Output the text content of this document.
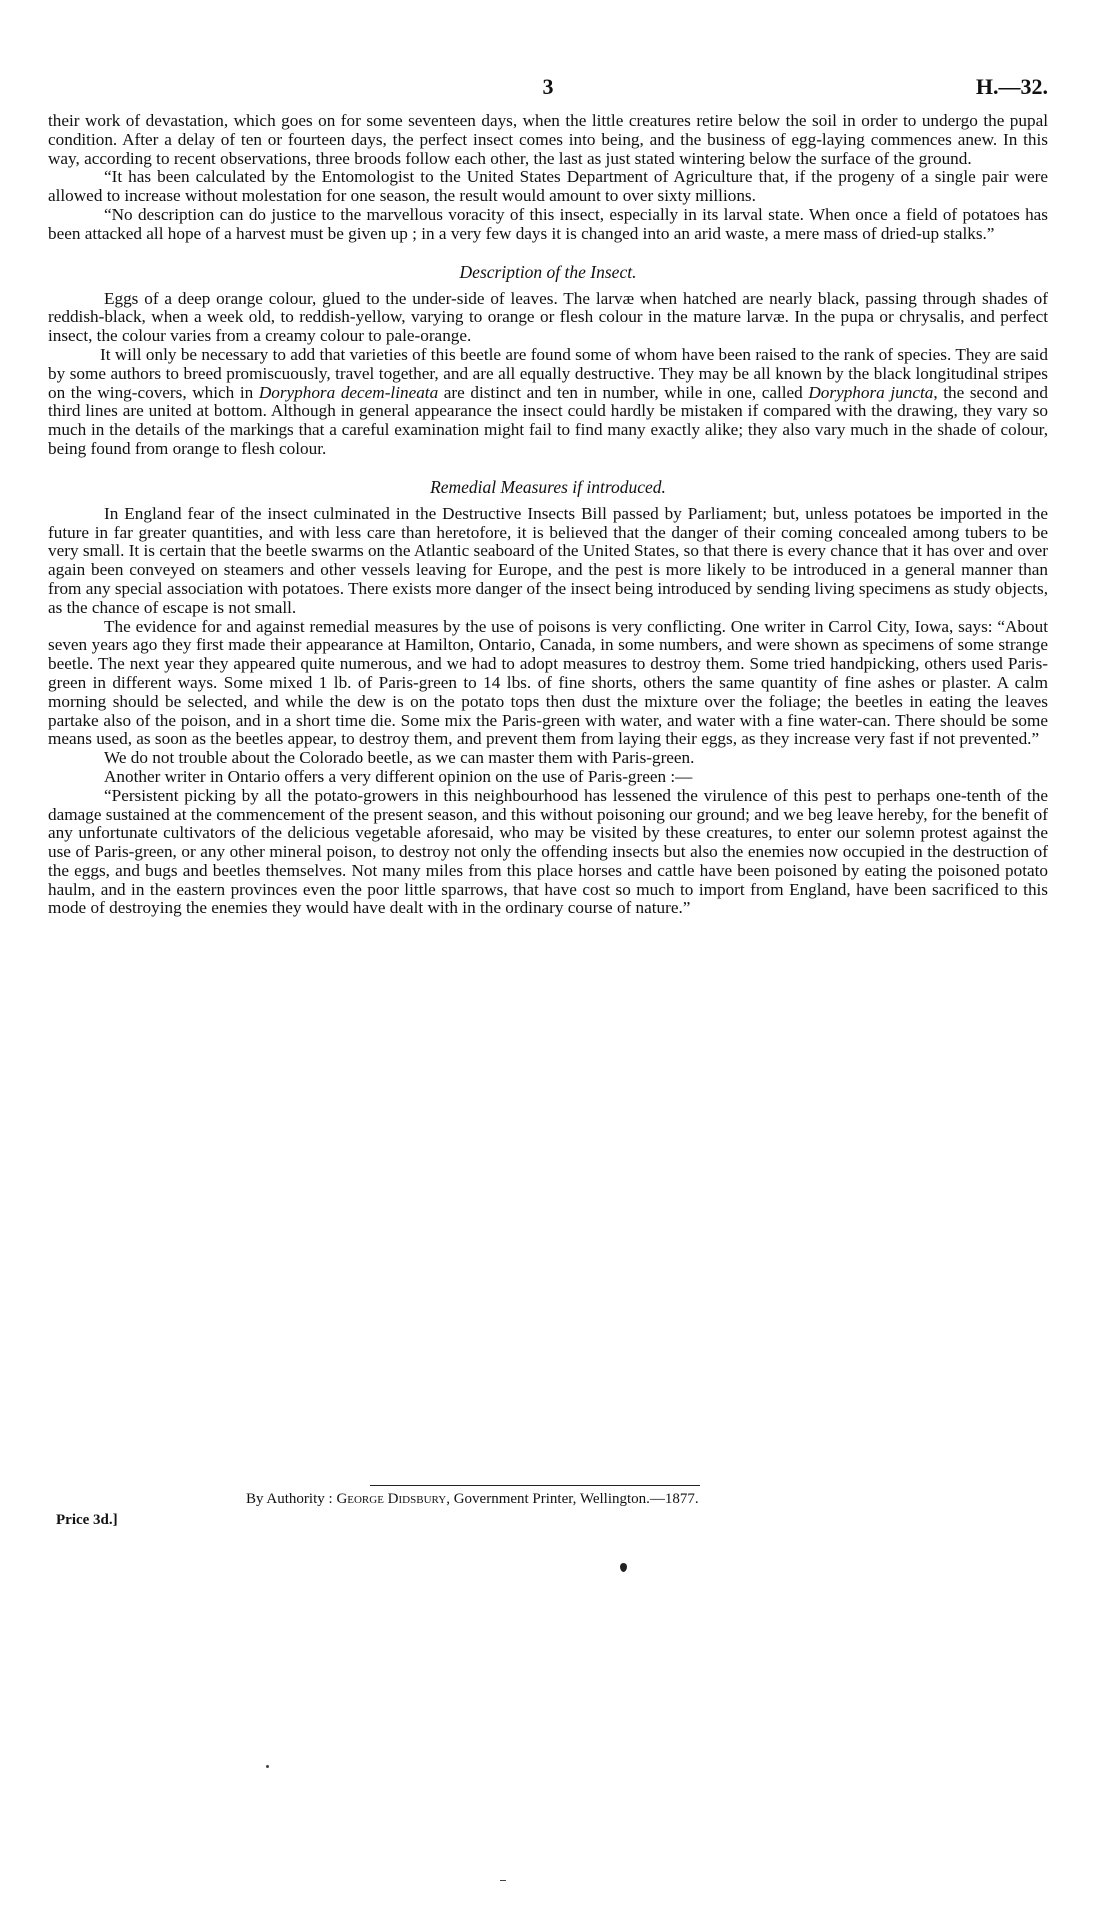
3	H.—32.

their work of devastation, which goes on for some seventeen days, when the little creatures retire below the soil in order to undergo the pupal condition. After a delay of ten or fourteen days, the perfect insect comes into being, and the business of egg-laying commences anew. In this way, according to recent observations, three broods follow each other, the last as just stated wintering below the surface of the ground.

“It has been calculated by the Entomologist to the United States Department of Agriculture that, if the progeny of a single pair were allowed to increase without molestation for one season, the result would amount to over sixty millions.

“No description can do justice to the marvellous voracity of this insect, especially in its larval state. When once a field of potatoes has been attacked all hope of a harvest must be given up ; in a very few days it is changed into an arid waste, a mere mass of dried-up stalks.”

Description of the Insect.

Eggs of a deep orange colour, glued to the under-side of leaves. The larvæ when hatched are nearly black, passing through shades of reddish-black, when a week old, to reddish-yellow, varying to orange or flesh colour in the mature larvæ. In the pupa or chrysalis, and perfect insect, the colour varies from a creamy colour to pale-orange.

It will only be necessary to add that varieties of this beetle are found some of whom have been raised to the rank of species. They are said by some authors to breed promiscuously, travel together, and are all equally destructive. They may be all known by the black longitudinal stripes on the wing-covers, which in Doryphora decem-lineata are distinct and ten in number, while in one, called Doryphora juncta, the second and third lines are united at bottom. Although in general appearance the insect could hardly be mistaken if compared with the drawing, they vary so much in the details of the markings that a careful examination might fail to find many exactly alike; they also vary much in the shade of colour, being found from orange to flesh colour.

Remedial Measures if introduced.

In England fear of the insect culminated in the Destructive Insects Bill passed by Parliament; but, unless potatoes be imported in the future in far greater quantities, and with less care than heretofore, it is believed that the danger of their coming concealed among tubers to be very small. It is certain that the beetle swarms on the Atlantic seaboard of the United States, so that there is every chance that it has over and over again been conveyed on steamers and other vessels leaving for Europe, and the pest is more likely to be introduced in a general manner than from any special association with potatoes. There exists more danger of the insect being introduced by sending living specimens as study objects, as the chance of escape is not small.

The evidence for and against remedial measures by the use of poisons is very conflicting. One writer in Carrol City, Iowa, says: “About seven years ago they first made their appearance at Hamilton, Ontario, Canada, in some numbers, and were shown as specimens of some strange beetle. The next year they appeared quite numerous, and we had to adopt measures to destroy them. Some tried handpicking, others used Paris-green in different ways. Some mixed 1 lb. of Paris-green to 14 lbs. of fine shorts, others the same quantity of fine ashes or plaster. A calm morning should be selected, and while the dew is on the potato tops then dust the mixture over the foliage; the beetles in eating the leaves partake also of the poison, and in a short time die. Some mix the Paris-green with water, and water with a fine water-can. There should be some means used, as soon as the beetles appear, to destroy them, and prevent them from laying their eggs, as they increase very fast if not prevented.”

We do not trouble about the Colorado beetle, as we can master them with Paris-green.

Another writer in Ontario offers a very different opinion on the use of Paris-green :—

“Persistent picking by all the potato-growers in this neighbourhood has lessened the virulence of this pest to perhaps one-tenth of the damage sustained at the commencement of the present season, and this without poisoning our ground; and we beg leave hereby, for the benefit of any unfortunate cultivators of the delicious vegetable aforesaid, who may be visited by these creatures, to enter our solemn protest against the use of Paris-green, or any other mineral poison, to destroy not only the offending insects but also the enemies now occupied in the destruction of the eggs, and bugs and beetles themselves. Not many miles from this place horses and cattle have been poisoned by eating the poisoned potato haulm, and in the eastern provinces even the poor little sparrows, that have cost so much to import from England, have been sacrificed to this mode of destroying the enemies they would have dealt with in the ordinary course of nature.”

By Authority : George Didsbury, Government Printer, Wellington.—1877.
Price 3d.]
